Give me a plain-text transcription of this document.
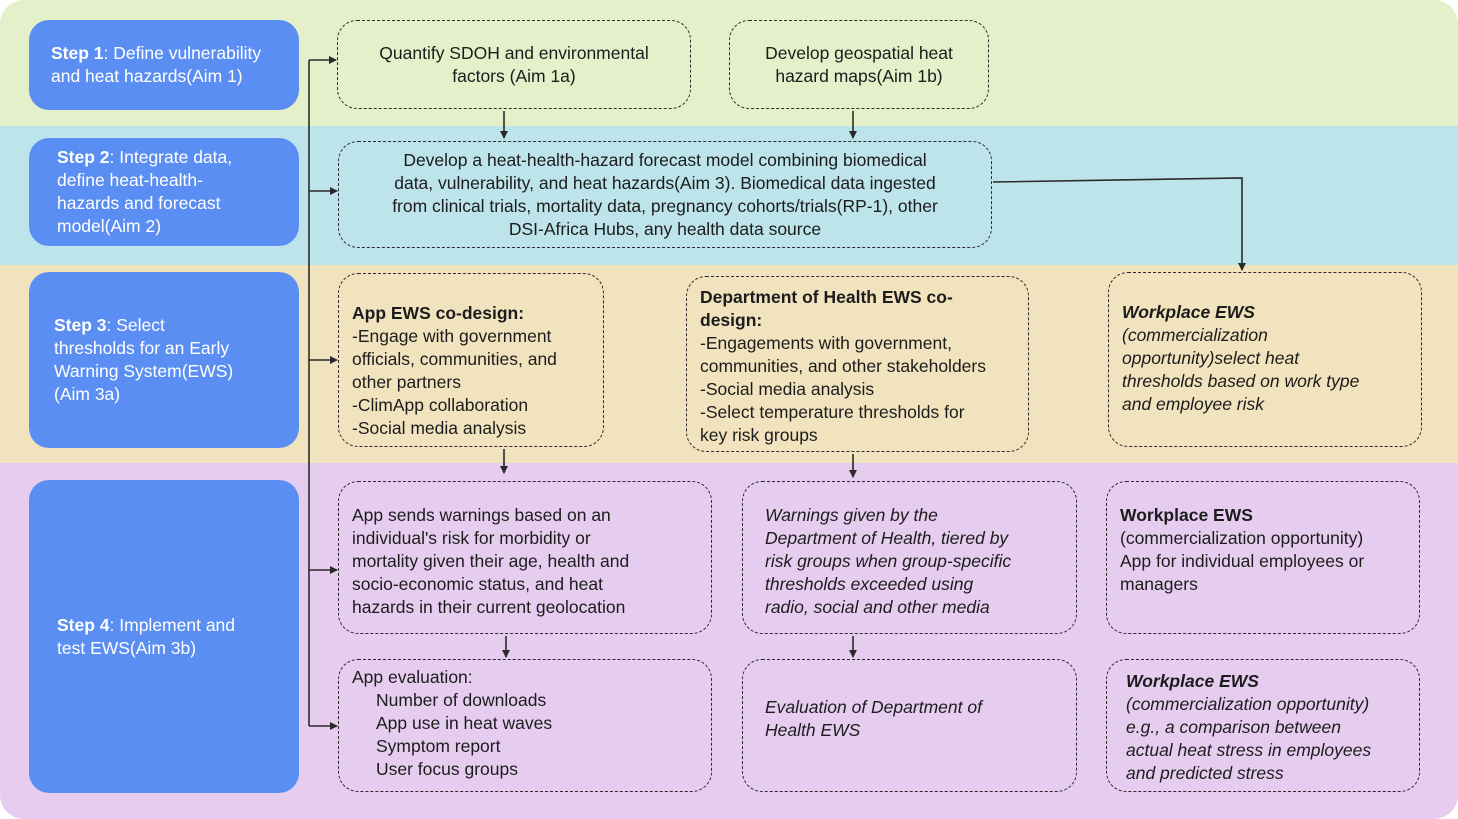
Step 1: Define vulnerability
and heat hazards(Aim 1)
Step 2: Integrate data,
define heat-health-
hazards and forecast
model(Aim 2)
Step 3: Select
thresholds for an Early
Warning System(EWS)
(Aim 3a)
Step 4: Implement and
test EWS(Aim 3b)
Quantify SDOH and environmental
factors (Aim 1a)
Develop geospatial heat
hazard maps(Aim 1b)
Develop a heat-health-hazard forecast model combining biomedical
data, vulnerability, and heat hazards(Aim 3). Biomedical data ingested
from clinical trials, mortality data, pregnancy cohorts/trials(RP-1), other
DSI-Africa Hubs, any health data source
App EWS co-design:
-Engage with government
officials, communities, and
other partners
-ClimApp collaboration
-Social media analysis
Department of Health EWS co-
design:
-Engagements with government,
communities, and other stakeholders
-Social media analysis
-Select temperature thresholds for
key risk groups
Workplace EWS
(commercialization
opportunity)select heat
thresholds based on work type
and employee risk
App sends warnings based on an
individual's risk for morbidity or
mortality given their age, health and
socio-economic status, and heat
hazards in their current geolocation
Warnings given by the
Department of Health, tiered by
risk groups when group-specific
thresholds exceeded using
radio, social and other media
Workplace EWS
(commercialization opportunity)
App for individual employees or
managers
App evaluation:
Number of downloads
App use in heat waves
Symptom report
User focus groups
Evaluation of Department of
Health EWS
Workplace EWS
(commercialization opportunity)
e.g., a comparison between
actual heat stress in employees
and predicted stress
